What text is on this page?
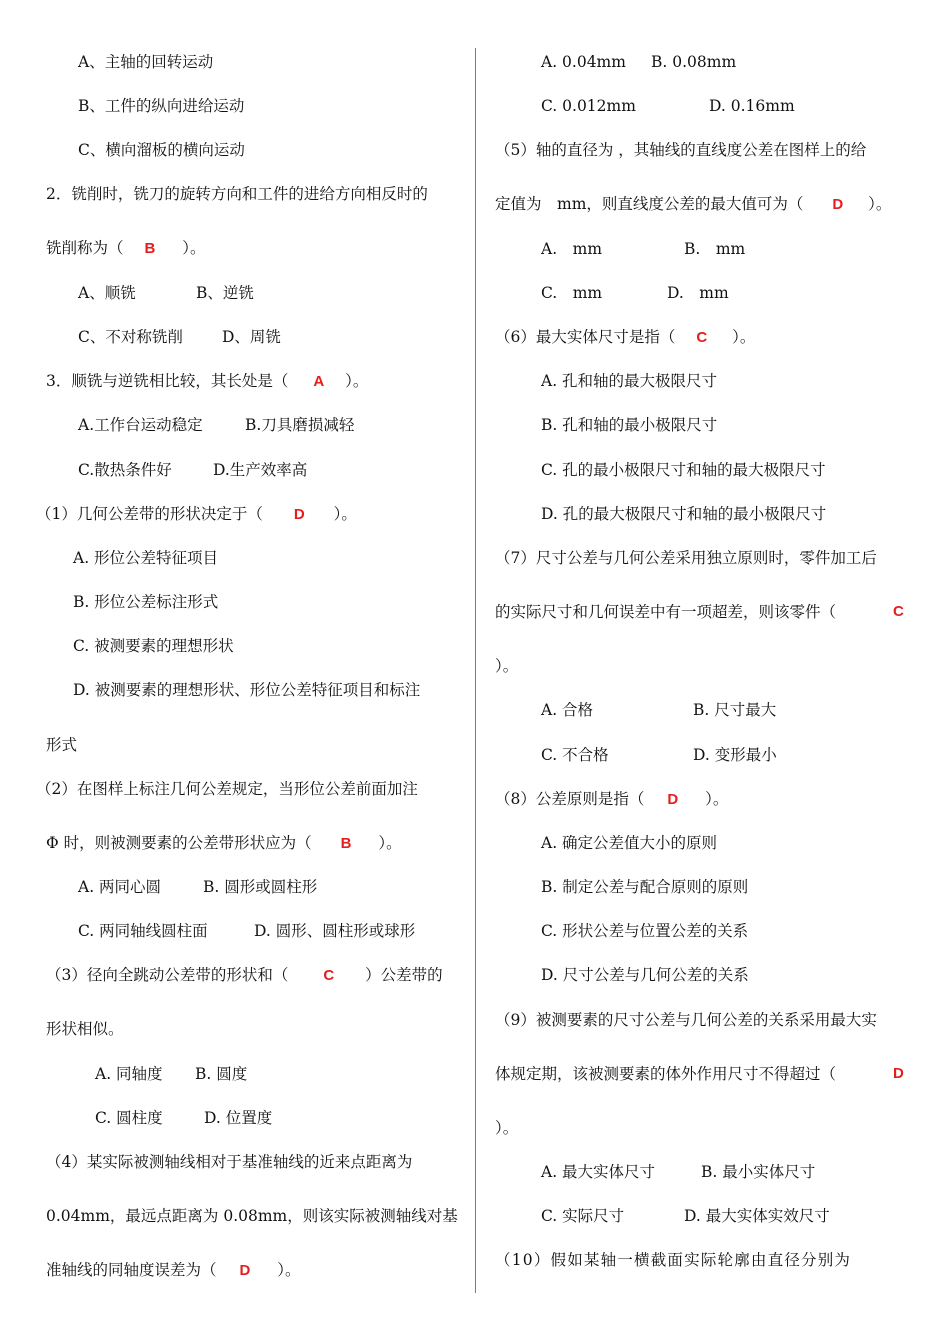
A、主轴的回转运动
B、工件的纵向进给运动
C、横向溜板的横向运动
2．铣削时，铣刀的旋转方向和工件的进给方向相反时的
铣削称为（ B ）。
A、顺铣	B、逆铣
C、不对称铣削	D、周铣
3．顺铣与逆铣相比较，其长处是（ A ）。
A.工作台运动稳定	B.刀具磨损减轻
C.散热条件好	D.生产效率高
（1）几何公差带的形状决定于（ D ）。
A. 形位公差特征项目
B. 形位公差标注形式
C. 被测要素的理想形状
D. 被测要素的理想形状、形位公差特征项目和标注
形式
（2）在图样上标注几何公差规定，当形位公差前面加注
Φ 时，则被测要素的公差带形状应为（ B ）。
A. 两同心圆	B. 圆形或圆柱形
C. 两同轴线圆柱面	D. 圆形、圆柱形或球形
（3）径向全跳动公差带的形状和（ C ）公差带的
形状相似。
A. 同轴度 B. 圆度
C. 圆柱度	D. 位置度
（4）某实际被测轴线相对于基准轴线的近来点距离为
0.04mm，最远点距离为 0.08mm，则该实际被测轴线对基
准轴线的同轴度误差为（ D ）。
A. 0.04mm B. 0.08mm
C. 0.012mm	D. 0.16mm
（5）轴的直径为 ，其轴线的直线度公差在图样上的给
定值为　mm，则直线度公差的最大值可为（ D ）。
A.　mm	B.　mm
C.　mm	D.　mm
（6）最大实体尺寸是指（ C ）。
A. 孔和轴的最大极限尺寸
B. 孔和轴的最小极限尺寸
C. 孔的最小极限尺寸和轴的最大极限尺寸
D. 孔的最大极限尺寸和轴的最小极限尺寸
（7）尺寸公差与几何公差采用独立原则时，零件加工后
的实际尺寸和几何误差中有一项超差，则该零件（	C
）。
A. 合格	B. 尺寸最大
C. 不合格	D. 变形最小
（8）公差原则是指（ D ）。
A. 确定公差值大小的原则
B. 制定公差与配合原则的原则
C. 形状公差与位置公差的关系
D. 尺寸公差与几何公差的关系
（9）被测要素的尺寸公差与几何公差的关系采用最大实
体规定期，该被测要素的体外作用尺寸不得超过（	D
）。
A. 最大实体尺寸	B. 最小实体尺寸
C. 实际尺寸	D. 最大实体实效尺寸
（10）假如某轴一横截面实际轮廓由直径分别为
